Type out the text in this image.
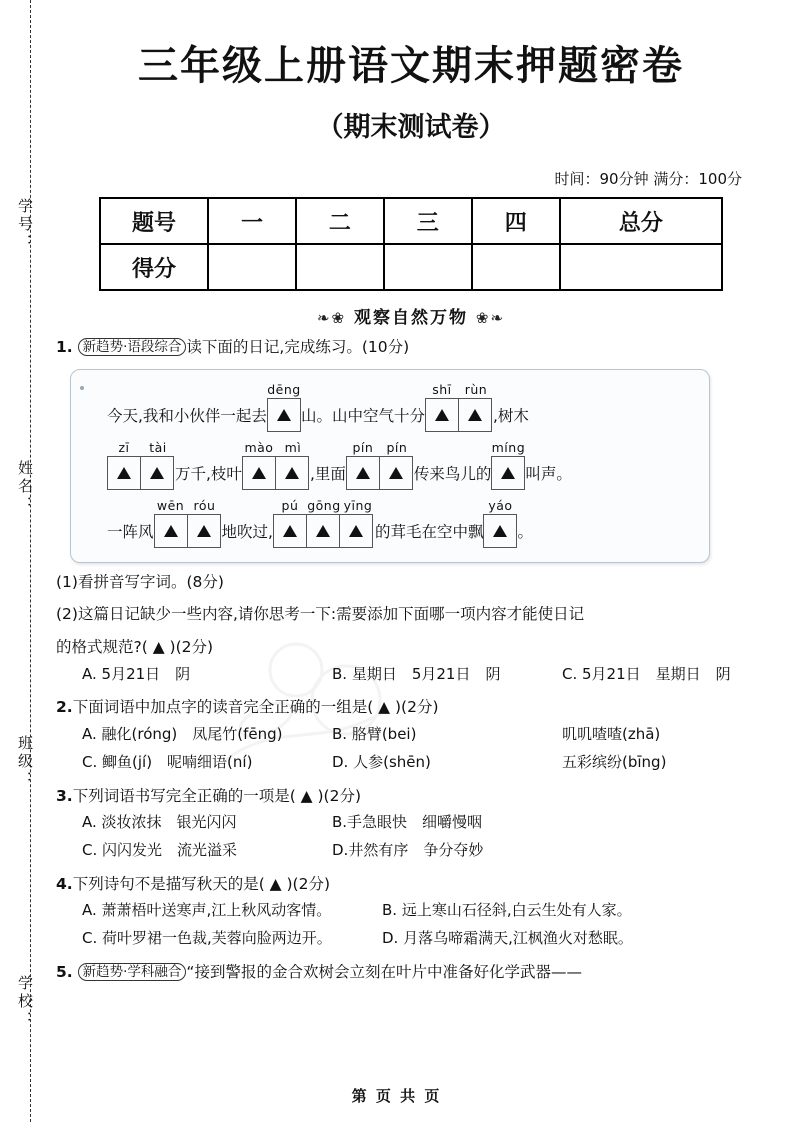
学号：
姓名：
班级：
学校：
三年级上册语文期末押题密卷
（期末测试卷）
时间：90分钟 满分：100分
题号	一	二	三	四	总分
得分					
❧❀ 观察自然万物 ❀❧
1. 新趋势·语段综合 读下面的日记,完成练习。(10分)
今天,我和小伙伴一起去
dēng
山。山中空气十分
shī	rùn
,树木
zī	tài
万千,枝叶
mào mì
,里面
pín	pín
传来鸟儿的
míng
叫声。
一阵风
wēn róu
地吹过,
pú gōng yīng
的茸毛在空中飘
yáo
。
(1)看拼音写字词。(8分)
(2)这篇日记缺少一些内容,请你思考一下:需要添加下面哪一项内容才能使日记
的格式规范?( ▲ )(2分)
A. 5月21日　阴	B. 星期日　5月21日　阴	C. 5月21日　星期日　阴
2.下面词语中加点字的读音完全正确的一组是( ▲ )(2分)
A. 融化(róng)　凤尾竹(fēng)	B. 胳臂(bei)	叽叽喳喳(zhā)
C. 鲫鱼(jí)　呢喃细语(ní)	D. 人参(shēn)	五彩缤纷(bīng)
3.下列词语书写完全正确的一项是( ▲ )(2分)
A. 淡妆浓抹　银光闪闪	B.手急眼快　细嚼慢咽
C. 闪闪发光　流光溢采	D.井然有序　争分夺妙
4.下列诗句不是描写秋天的是( ▲ )(2分)
A. 萧萧梧叶送寒声,江上秋风动客情。	B. 远上寒山石径斜,白云生处有人家。
C. 荷叶罗裙一色裁,芙蓉向脸两边开。	D. 月落乌啼霜满天,江枫渔火对愁眠。
5. 新趋势·学科融合 “接到警报的金合欢树会立刻在叶片中准备好化学武器——
第 页 共 页
